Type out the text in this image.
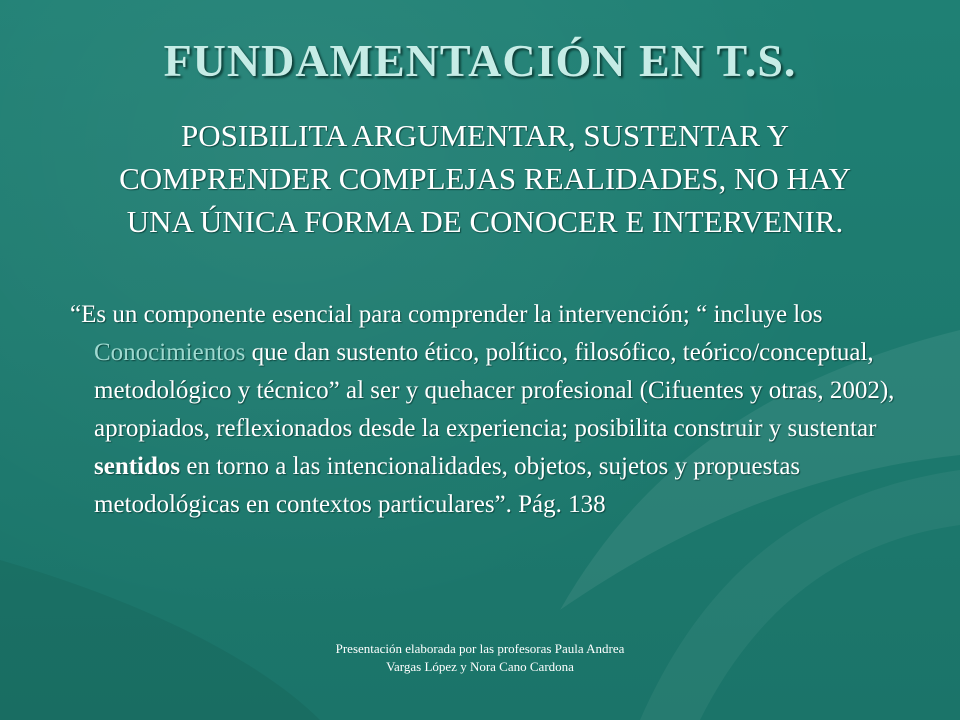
FUNDAMENTACIÓN EN T.S.
POSIBILITA ARGUMENTAR, SUSTENTAR Y COMPRENDER COMPLEJAS REALIDADES, NO HAY UNA ÚNICA FORMA DE CONOCER E INTERVENIR.
“Es un componente esencial para comprender la intervención; “ incluye los Conocimientos que dan sustento ético, político, filosófico, teórico/conceptual, metodológico y técnico” al ser y quehacer profesional (Cifuentes y otras, 2002), apropiados, reflexionados desde la experiencia; posibilita construir y sustentar sentidos en torno a las intencionalidades, objetos, sujetos y propuestas metodológicas en contextos particulares”. Pág. 138
Presentación elaborada por las profesoras Paula Andrea Vargas López y Nora Cano Cardona
